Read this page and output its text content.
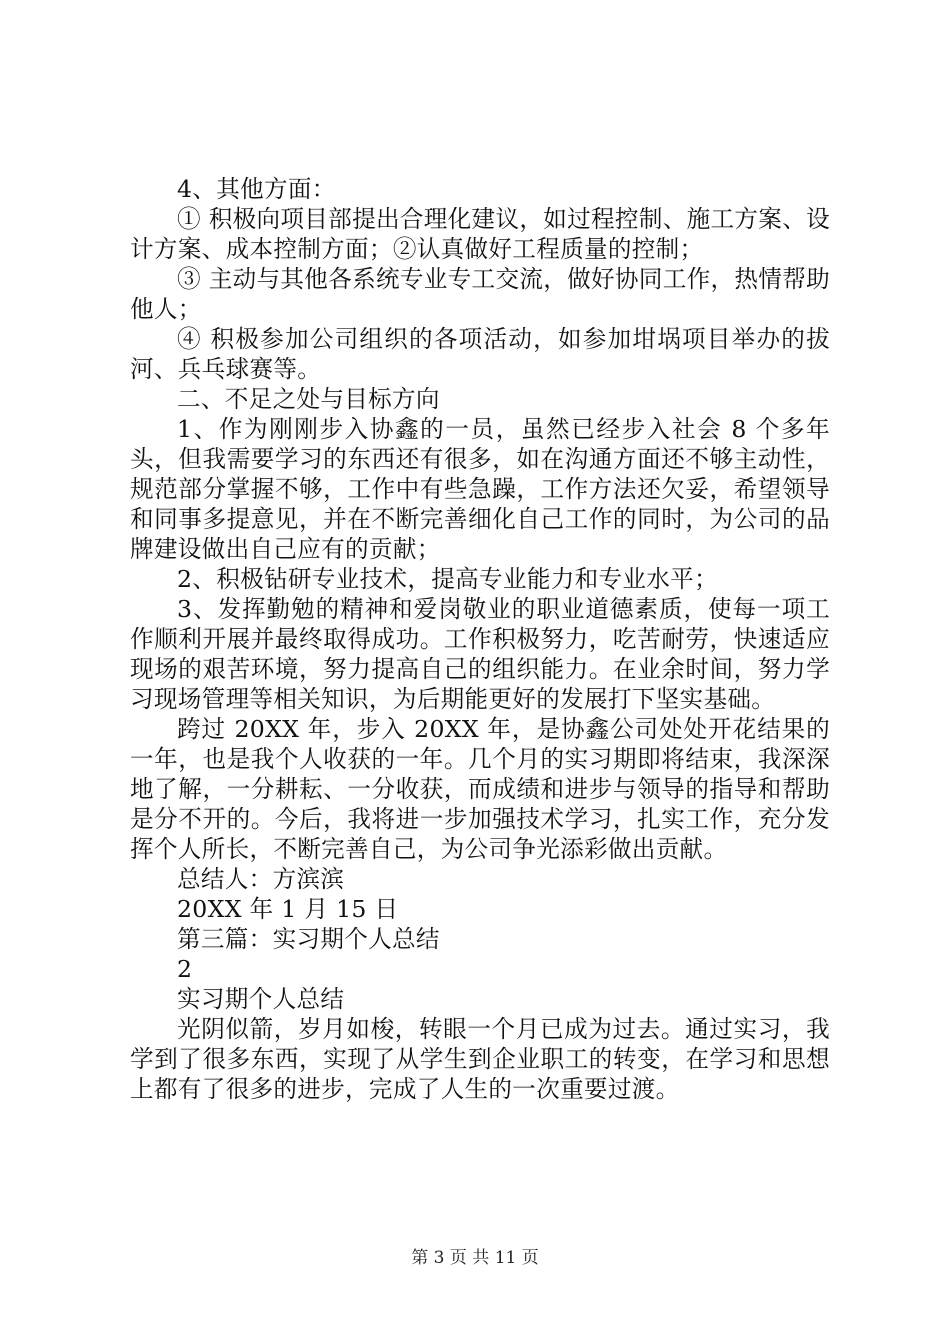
4、其他方面：

① 积极向项目部提出合理化建议，如过程控制、施工方案、设计方案、成本控制方面；②认真做好工程质量的控制；

③ 主动与其他各系统专业专工交流，做好协同工作，热情帮助他人；

④ 积极参加公司组织的各项活动，如参加坩埚项目举办的拔河、兵乓球赛等。

二、不足之处与目标方向

1、作为刚刚步入协鑫的一员，虽然已经步入社会 8 个多年头，但我需要学习的东西还有很多，如在沟通方面还不够主动性，规范部分掌握不够，工作中有些急躁，工作方法还欠妥，希望领导和同事多提意见，并在不断完善细化自己工作的同时，为公司的品牌建设做出自己应有的贡献；

2、积极钻研专业技术，提高专业能力和专业水平；

3、发挥勤勉的精神和爱岗敬业的职业道德素质，使每一项工作顺利开展并最终取得成功。工作积极努力，吃苦耐劳，快速适应现场的艰苦环境，努力提高自己的组织能力。在业余时间，努力学习现场管理等相关知识，为后期能更好的发展打下坚实基础。

跨过 20XX 年，步入 20XX 年，是协鑫公司处处开花结果的一年，也是我个人收获的一年。几个月的实习期即将结束，我深深地了解，一分耕耘、一分收获，而成绩和进步与领导的指导和帮助是分不开的。今后，我将进一步加强技术学习，扎实工作，充分发挥个人所长，不断完善自己，为公司争光添彩做出贡献。

总结人：方滨滨

20XX 年 1 月 15 日

第三篇：实习期个人总结

2

实习期个人总结

光阴似箭，岁月如梭，转眼一个月已成为过去。通过实习，我学到了很多东西，实现了从学生到企业职工的转变，在学习和思想上都有了很多的进步，完成了人生的一次重要过渡。

第 3 页 共 11 页
